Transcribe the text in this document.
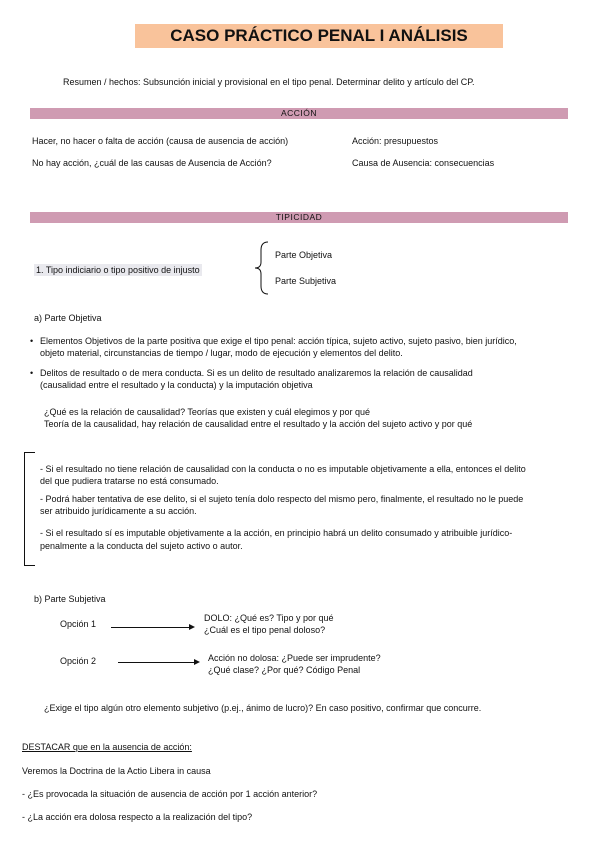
CASO PRÁCTICO PENAL I ANÁLISIS
Resumen / hechos: Subsunción inicial y provisional en el tipo penal. Determinar delito y artículo del CP.
ACCIÓN
Hacer, no hacer o falta de acción (causa de ausencia de acción)	Acción: presupuestos
No hay acción, ¿cuál de las causas de Ausencia de Acción?	Causa de Ausencia: consecuencias
TIPICIDAD
1. Tipo indiciario o tipo positivo de injusto
Parte Objetiva
Parte Subjetiva
a) Parte Objetiva
• Elementos Objetivos de la parte positiva que exige el tipo penal: acción típica, sujeto activo, sujeto pasivo, bien jurídico,
objeto material, circunstancias de tiempo / lugar, modo de ejecución y elementos del delito.
• Delitos de resultado o de mera conducta. Si es un delito de resultado analizaremos la relación de causalidad
(causalidad entre el resultado y la conducta) y la imputación objetiva
¿Qué es la relación de causalidad? Teorías que existen y cuál elegimos y por qué
Teoría de la causalidad, hay relación de causalidad entre el resultado y la acción del sujeto activo y por qué
- Si el resultado no tiene relación de causalidad con la conducta o no es imputable objetivamente a ella, entonces el delito
del que pudiera tratarse no está consumado.
- Podrá haber tentativa de ese delito, si el sujeto tenía dolo respecto del mismo pero, finalmente, el resultado no le puede
ser atribuido jurídicamente a su acción.
- Si el resultado sí es imputable objetivamente a la acción, en principio habrá un delito consumado y atribuible jurídico-
penalmente a la conducta del sujeto activo o autor.
b) Parte Subjetiva
Opción 1
DOLO: ¿Qué es? Tipo y por qué
¿Cuál es el tipo penal doloso?
Opción 2	Acción no dolosa: ¿Puede ser imprudente?
¿Qué clase? ¿Por qué? Código Penal
¿Exige el tipo algún otro elemento subjetivo (p.ej., ánimo de lucro)? En caso positivo, confirmar que concurre.
DESTACAR que en la ausencia de acción:
Veremos la Doctrina de la Actio Libera in causa
- ¿Es provocada la situación de ausencia de acción por 1 acción anterior?
- ¿La acción era dolosa respecto a la realización del tipo?
